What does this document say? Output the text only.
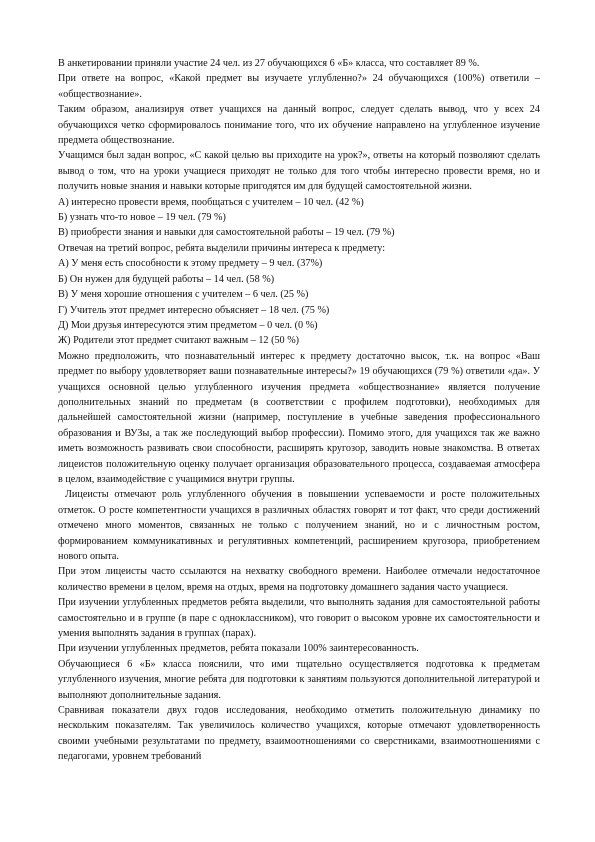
В анкетировании приняли участие 24 чел. из 27 обучающихся 6 «Б» класса, что составляет 89 %.

При ответе на вопрос, «Какой предмет вы изучаете углубленно?» 24 обучающихся (100%) ответили – «обществознание».

Таким образом, анализируя ответ учащихся на данный вопрос, следует сделать вывод, что у всех 24 обучающихся четко сформировалось понимание того, что их обучение направлено на углубленное изучение предмета обществознание.

Учащимся был задан вопрос, «С какой целью вы приходите на урок?», ответы на который позволяют сделать вывод о том, что на уроки учащиеся приходят не только для того чтобы интересно провести время, но и получить новые знания и навыки которые пригодятся им для будущей самостоятельной жизни.

А) интересно провести время, пообщаться с учителем – 10 чел. (42 %)

Б) узнать что-то новое – 19 чел. (79 %)

В) приобрести знания и навыки для самостоятельной работы – 19 чел. (79 %)

Отвечая на третий вопрос, ребята выделили причины интереса к предмету:

А) У меня есть способности к этому предмету – 9 чел. (37%)

Б) Он нужен для будущей работы – 14 чел. (58 %)

В) У меня хорошие отношения с учителем – 6 чел. (25 %)

Г) Учитель этот предмет интересно объясняет – 18 чел. (75 %)

Д) Мои друзья интересуются этим предметом – 0 чел. (0 %)

Ж) Родители этот предмет считают важным – 12 (50 %)

Можно предположить, что познавательный интерес к предмету достаточно высок, т.к. на вопрос «Ваш предмет по выбору удовлетворяет ваши познавательные интересы?» 19 обучающихся (79 %) ответили «да». У учащихся основной целью углубленного изучения предмета «обществознание» является получение дополнительных знаний по предметам (в соответствии с профилем подготовки), необходимых для дальнейшей самостоятельной жизни (например, поступление в учебные заведения профессионального образования и ВУЗы, а так же последующий выбор профессии). Помимо этого, для учащихся так же важно иметь возможность развивать свои способности, расширять кругозор, заводить новые знакомства. В ответах лицеистов положительную оценку получает организация образовательного процесса, создаваемая атмосфера в целом, взаимодействие с учащимися внутри группы.

Лицеисты отмечают роль углубленного обучения в повышении успеваемости и росте положительных отметок. О росте компетентности учащихся в различных областях говорят и тот факт, что среди достижений отмечено много моментов, связанных не только с получением знаний, но и с личностным ростом, формированием коммуникативных и регулятивных компетенций, расширением кругозора, приобретением нового опыта.

При этом лицеисты часто ссылаются на нехватку свободного времени. Наиболее отмечали недостаточное количество времени в целом, время на отдых, время на подготовку домашнего задания часто учащиеся.

При изучении углубленных предметов ребята выделили, что выполнять задания для самостоятельной работы самостоятельно и в группе (в паре с одноклассником), что говорит о высоком уровне их самостоятельности и умения выполнять задания в группах (парах).

При изучении углубленных предметов, ребята показали 100% заинтересованность.

Обучающиеся 6 «Б» класса пояснили, что ими тщательно осуществляется подготовка к предметам углубленного изучения, многие ребята для подготовки к занятиям пользуются дополнительной литературой и выполняют дополнительные задания.

Сравнивая показатели двух годов исследования, необходимо отметить положительную динамику по нескольким показателям. Так увеличилось количество учащихся, которые отмечают удовлетворенность своими учебными результатами по предмету, взаимоотношениями со сверстниками, взаимоотношениями с педагогами, уровнем требований
